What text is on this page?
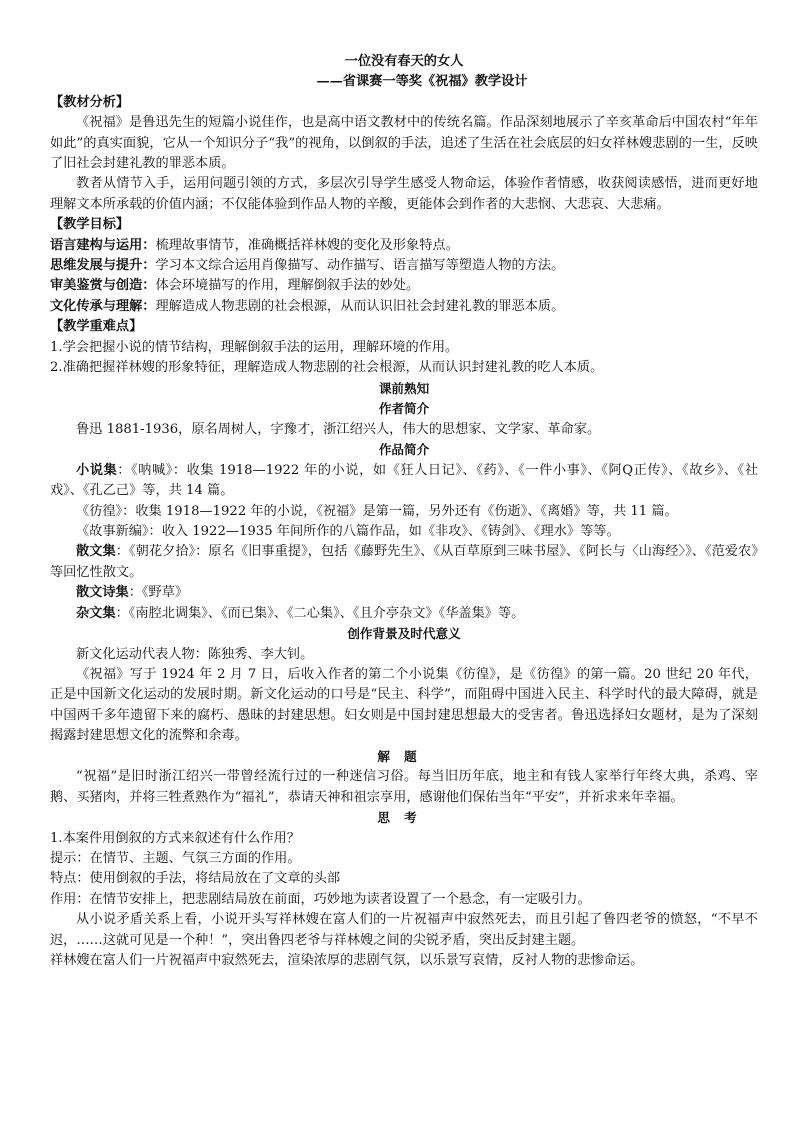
一位没有春天的女人

——省课赛一等奖《祝福》教学设计

【教材分析】

《祝福》是鲁迅先生的短篇小说佳作，也是高中语文教材中的传统名篇。作品深刻地展示了辛亥革命后中国农村“年年如此”的真实面貌，它从一个知识分子“我”的视角，以倒叙的手法，追述了生活在社会底层的妇女祥林嫂悲剧的一生，反映了旧社会封建礼教的罪恶本质。

教者从情节入手，运用问题引领的方式，多层次引导学生感受人物命运，体验作者情感，收获阅读感悟，进而更好地理解文本所承载的价值内涵；不仅能体验到作品人物的辛酸，更能体会到作者的大悲悯、大悲哀、大悲痛。

【教学目标】

语言建构与运用：梳理故事情节，准确概括祥林嫂的变化及形象特点。

思维发展与提升：学习本文综合运用肖像描写、动作描写、语言描写等塑造人物的方法。

审美鉴赏与创造：体会环境描写的作用，理解倒叙手法的妙处。

文化传承与理解：理解造成人物悲剧的社会根源，从而认识旧社会封建礼教的罪恶本质。

【教学重难点】

1.学会把握小说的情节结构，理解倒叙手法的运用，理解环境的作用。

2.准确把握祥林嫂的形象特征，理解造成人物悲剧的社会根源，从而认识封建礼教的吃人本质。

课前熟知

作者简介

鲁迅 1881-1936，原名周树人，字豫才，浙江绍兴人，伟大的思想家、文学家、革命家。

作品简介

小说集：《呐喊》：收集 1918—1922 年的小说，如《狂人日记》、《药》、《一件小事》、《阿Q正传》、《故乡》、《社戏》、《孔乙己》等，共 14 篇。

《彷徨》：收集 1918—1922 年的小说，《祝福》是第一篇，另外还有《伤逝》、《离婚》等，共 11 篇。

《故事新编》：收入 1922—1935 年间所作的八篇作品，如《非攻》、《铸剑》、《理水》等等。

散文集：《朝花夕拾》：原名《旧事重提》，包括《藤野先生》、《从百草原到三味书屋》、《阿长与〈山海经〉》、《范爱农》等回忆性散文。

散文诗集：《野草》

杂文集：《南腔北调集》、《而已集》、《二心集》、《且介亭杂文》《华盖集》等。

创作背景及时代意义

新文化运动代表人物：陈独秀、李大钊。

《祝福》写于 1924 年 2 月 7 日，后收入作者的第二个小说集《彷徨》，是《彷徨》的第一篇。20 世纪 20 年代，正是中国新文化运动的发展时期。新文化运动的口号是“民主、科学”，而阻碍中国进入民主、科学时代的最大障碍，就是中国两千多年遗留下来的腐朽、愚昧的封建思想。妇女则是中国封建思想最大的受害者。鲁迅选择妇女题材，是为了深刻揭露封建思想文化的流弊和余毒。

解题

“祝福”是旧时浙江绍兴一带曾经流行过的一种迷信习俗。每当旧历年底，地主和有钱人家举行年终大典，杀鸡、宰鹅、买猪肉，并将三牲煮熟作为“福礼”，恭请天神和祖宗享用，感谢他们保佑当年“平安”，并祈求来年幸福。

思考

1.本案件用倒叙的方式来叙述有什么作用？

提示：在情节、主题、气氛三方面的作用。

特点：使用倒叙的手法，将结局放在了文章的头部

作用：在情节安排上，把悲剧结局放在前面，巧妙地为读者设置了一个悬念，有一定吸引力。

从小说矛盾关系上看，小说开头写祥林嫂在富人们的一片祝福声中寂然死去，而且引起了鲁四老爷的愤怒，“不早不迟，……这就可见是一个种！”，突出鲁四老爷与祥林嫂之间的尖锐矛盾，突出反封建主题。

祥林嫂在富人们一片祝福声中寂然死去，渲染浓厚的悲剧气氛，以乐景写哀情，反衬人物的悲惨命运。
